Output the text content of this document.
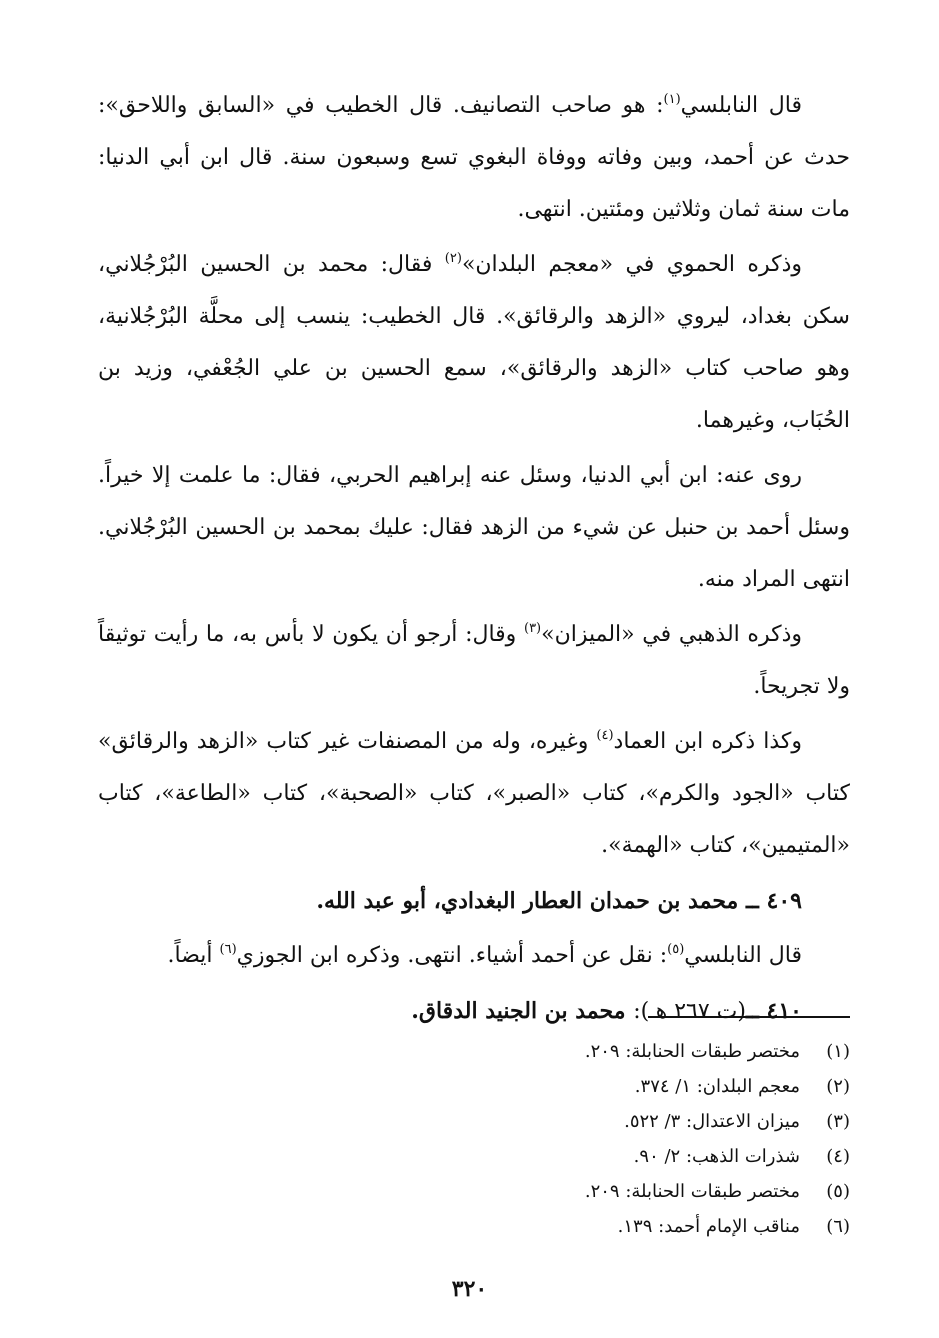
قال النابلسي$^{(١)}$: هو صاحب التصانيف. قال الخطيب في «السابق واللاحق»: حدث عن أحمد، وبين وفاته ووفاة البغوي تسع وسبعون سنة. قال ابن أبي الدنيا: مات سنة ثمان وثلاثين ومئتين. انتهى.

وذكره الحموي في «معجم البلدان»$^{(٢)}$ فقال: محمد بن الحسين البُرْجُلاني، سكن بغداد، ليروي «الزهد والرقائق». قال الخطيب: ينسب إلى محلَّة البُرْجُلانية، وهو صاحب كتاب «الزهد والرقائق»، سمع الحسين بن علي الجُعْفي، وزيد بن الحُبَاب، وغيرهما.

روى عنه: ابن أبي الدنيا، وسئل عنه إبراهيم الحربي، فقال: ما علمت إلا خيراً. وسئل أحمد بن حنبل عن شيء من الزهد فقال: عليك بمحمد بن الحسين البُرْجُلاني. انتهى المراد منه.

وذكره الذهبي في «الميزان»$^{(٣)}$ وقال: أرجو أن يكون لا بأس به، ما رأيت توثيقاً ولا تجريحاً.

وكذا ذكره ابن العماد$^{(٤)}$ وغيره، وله من المصنفات غير كتاب «الزهد والرقائق» كتاب «الجود والكرم»، كتاب «الصبر»، كتاب «الصحبة»، كتاب «الطاعة»، كتاب «المتيمين»، كتاب «الهمة».

٤٠٩ ــ محمد بن حمدان العطار البغدادي، أبو عبد الله.

قال النابلسي$^{(٥)}$: نقل عن أحمد أشياء. انتهى. وذكره ابن الجوزي$^{(٦)}$ أيضاً.

٤١٠ ــ(ت ٢٦٧ هـ): محمد بن الجنيد الدقاق.

(١)
مختصر طبقات الحنابلة: ٢٠٩.
(٢)
معجم البلدان: ١/ ٣٧٤.
(٣)
ميزان الاعتدال: ٣/ ٥٢٢.
(٤)
شذرات الذهب: ٢/ ٩٠.
(٥)
مختصر طبقات الحنابلة: ٢٠٩.
(٦)
مناقب الإمام أحمد: ١٣٩.
٣٢٠
